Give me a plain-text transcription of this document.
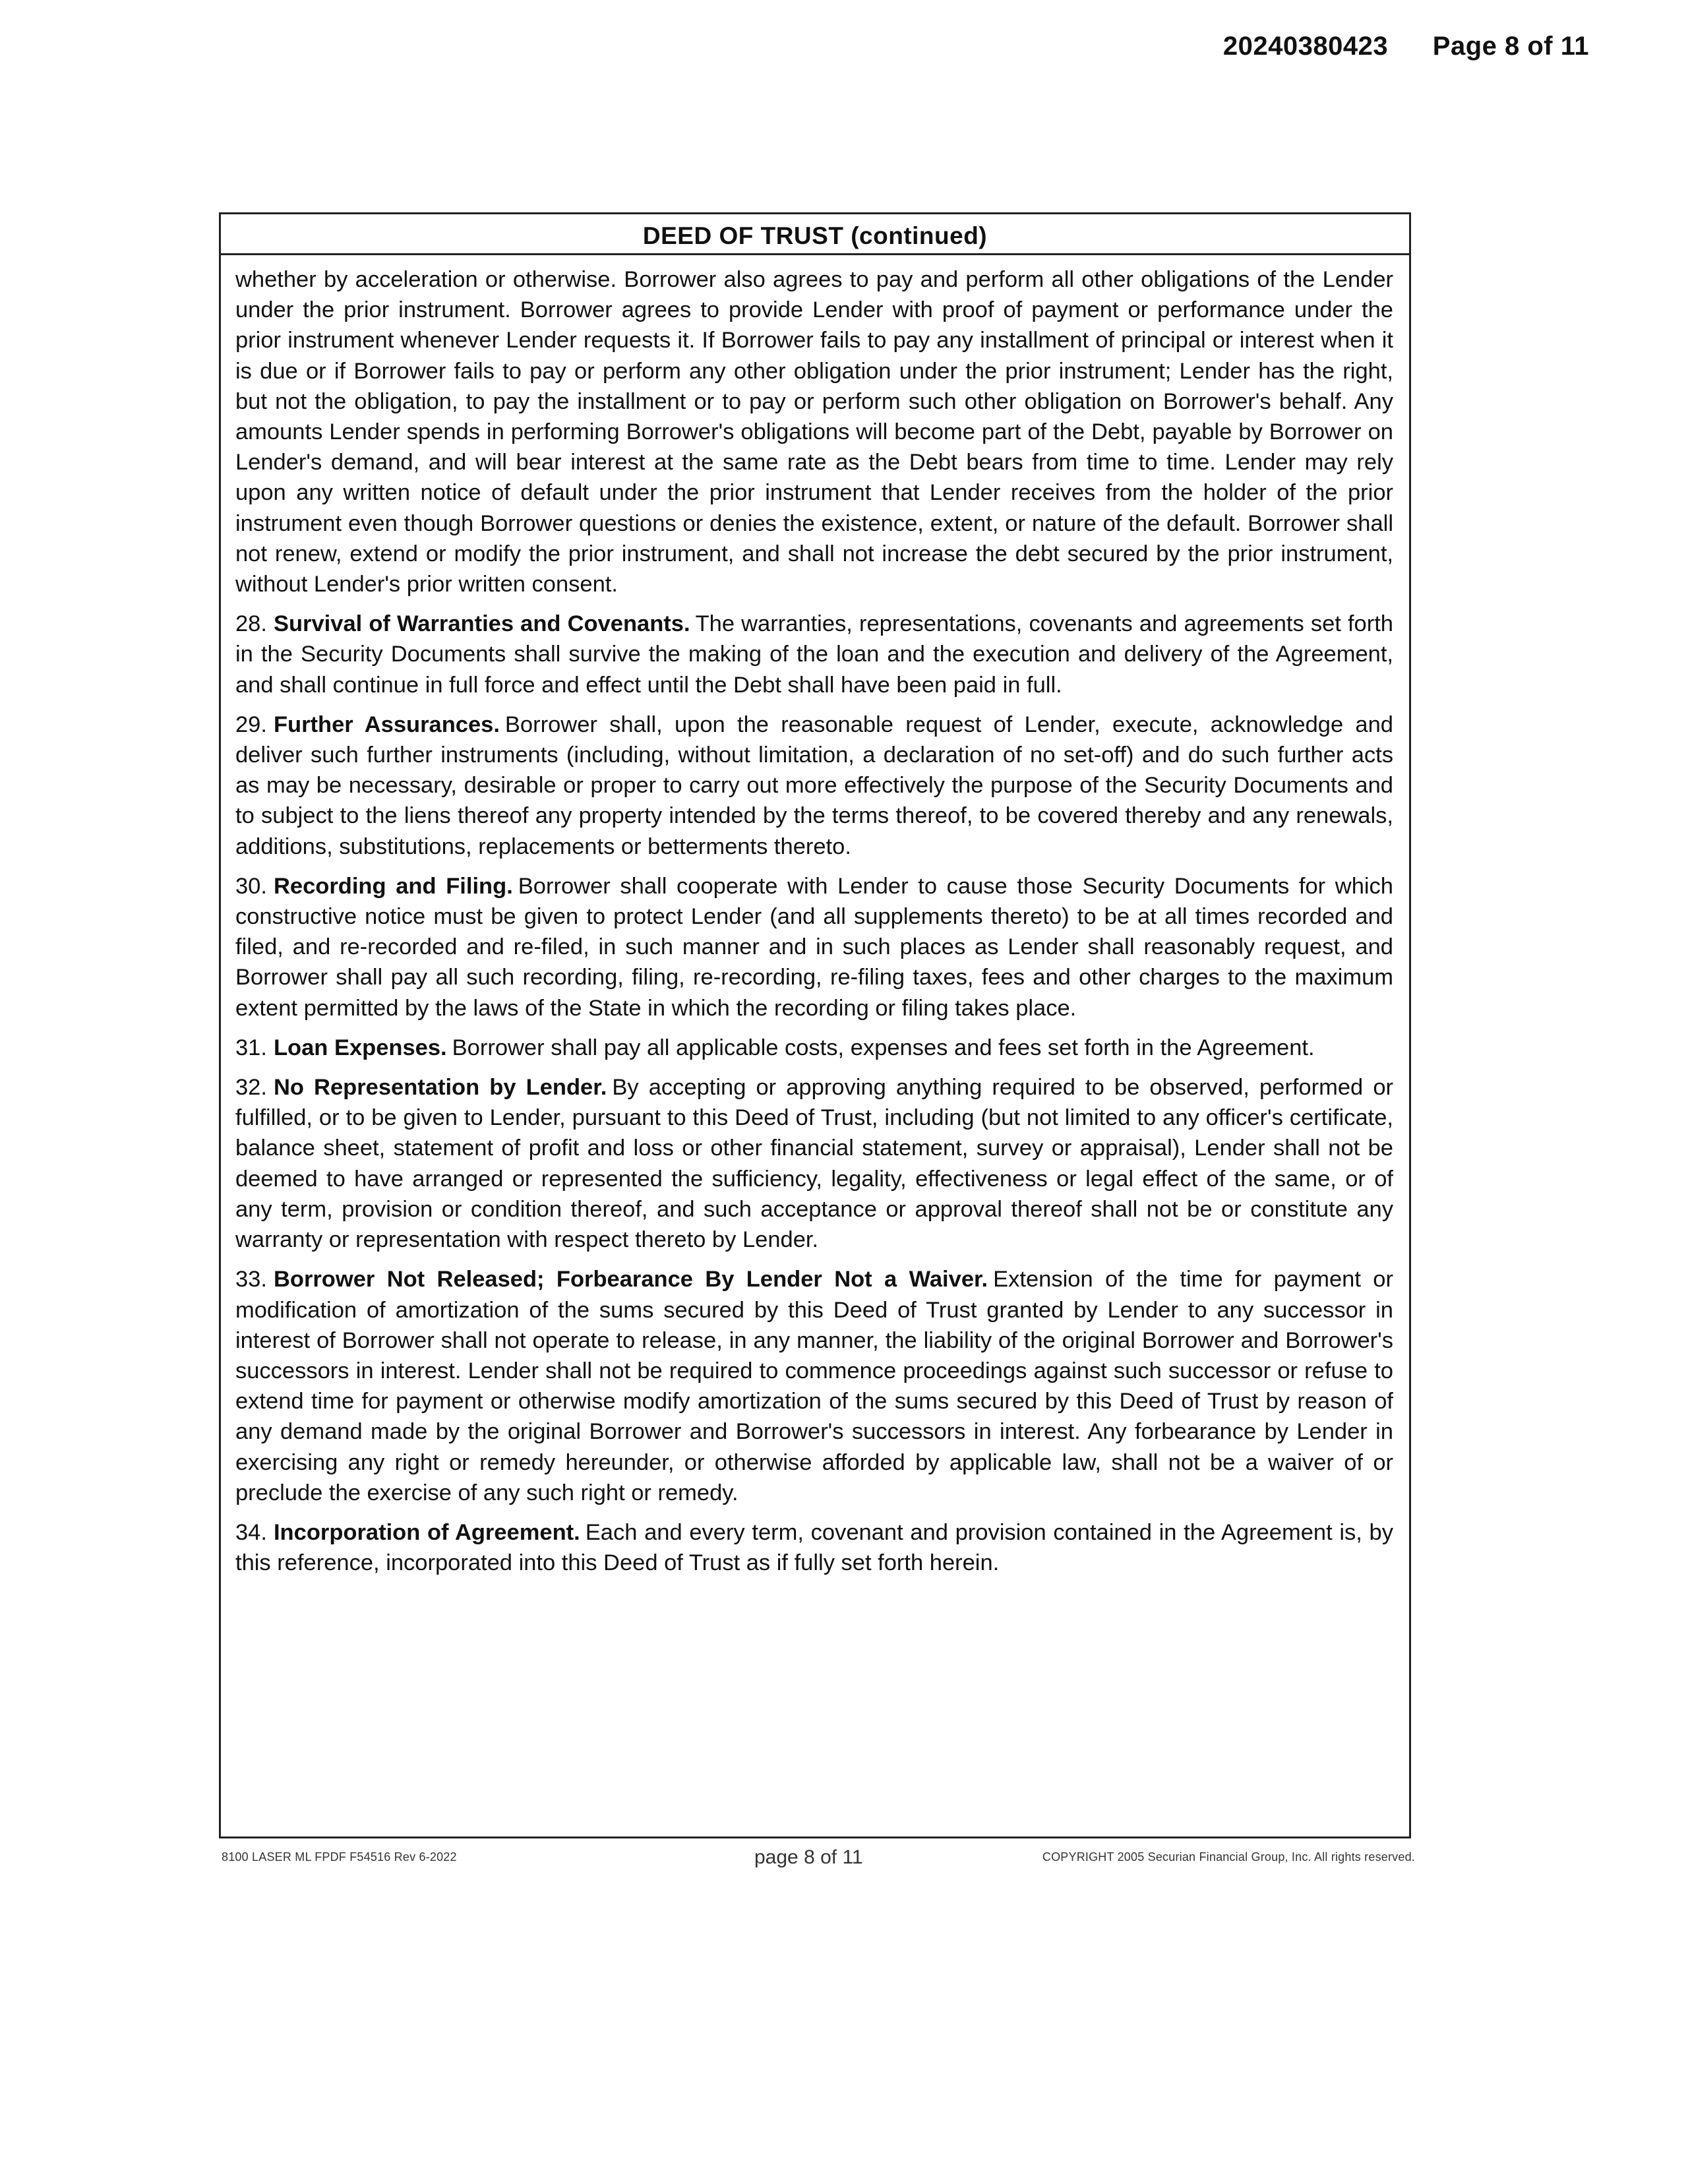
20240380423 Page 8 of 11
DEED OF TRUST (continued)

whether by acceleration or otherwise. Borrower also agrees to pay and perform all other obligations of the Lender under the prior instrument. Borrower agrees to provide Lender with proof of payment or performance under the prior instrument whenever Lender requests it. If Borrower fails to pay any installment of principal or interest when it is due or if Borrower fails to pay or perform any other obligation under the prior instrument; Lender has the right, but not the obligation, to pay the installment or to pay or perform such other obligation on Borrower's behalf. Any amounts Lender spends in performing Borrower's obligations will become part of the Debt, payable by Borrower on Lender's demand, and will bear interest at the same rate as the Debt bears from time to time. Lender may rely upon any written notice of default under the prior instrument that Lender receives from the holder of the prior instrument even though Borrower questions or denies the existence, extent, or nature of the default. Borrower shall not renew, extend or modify the prior instrument, and shall not increase the debt secured by the prior instrument, without Lender's prior written consent.

28. Survival of Warranties and Covenants. The warranties, representations, covenants and agreements set forth in the Security Documents shall survive the making of the loan and the execution and delivery of the Agreement, and shall continue in full force and effect until the Debt shall have been paid in full.

29. Further Assurances. Borrower shall, upon the reasonable request of Lender, execute, acknowledge and deliver such further instruments (including, without limitation, a declaration of no set-off) and do such further acts as may be necessary, desirable or proper to carry out more effectively the purpose of the Security Documents and to subject to the liens thereof any property intended by the terms thereof, to be covered thereby and any renewals, additions, substitutions, replacements or betterments thereto.

30. Recording and Filing. Borrower shall cooperate with Lender to cause those Security Documents for which constructive notice must be given to protect Lender (and all supplements thereto) to be at all times recorded and filed, and re-recorded and re-filed, in such manner and in such places as Lender shall reasonably request, and Borrower shall pay all such recording, filing, re-recording, re-filing taxes, fees and other charges to the maximum extent permitted by the laws of the State in which the recording or filing takes place.

31. Loan Expenses. Borrower shall pay all applicable costs, expenses and fees set forth in the Agreement.

32. No Representation by Lender. By accepting or approving anything required to be observed, performed or fulfilled, or to be given to Lender, pursuant to this Deed of Trust, including (but not limited to any officer's certificate, balance sheet, statement of profit and loss or other financial statement, survey or appraisal), Lender shall not be deemed to have arranged or represented the sufficiency, legality, effectiveness or legal effect of the same, or of any term, provision or condition thereof, and such acceptance or approval thereof shall not be or constitute any warranty or representation with respect thereto by Lender.

33. Borrower Not Released; Forbearance By Lender Not a Waiver. Extension of the time for payment or modification of amortization of the sums secured by this Deed of Trust granted by Lender to any successor in interest of Borrower shall not operate to release, in any manner, the liability of the original Borrower and Borrower's successors in interest. Lender shall not be required to commence proceedings against such successor or refuse to extend time for payment or otherwise modify amortization of the sums secured by this Deed of Trust by reason of any demand made by the original Borrower and Borrower's successors in interest. Any forbearance by Lender in exercising any right or remedy hereunder, or otherwise afforded by applicable law, shall not be a waiver of or preclude the exercise of any such right or remedy.

34. Incorporation of Agreement. Each and every term, covenant and provision contained in the Agreement is, by this reference, incorporated into this Deed of Trust as if fully set forth herein.

8100 LASER ML FPDF F54516 Rev 6-2022	page 8 of 11	COPYRIGHT 2005 Securian Financial Group, Inc. All rights reserved.
